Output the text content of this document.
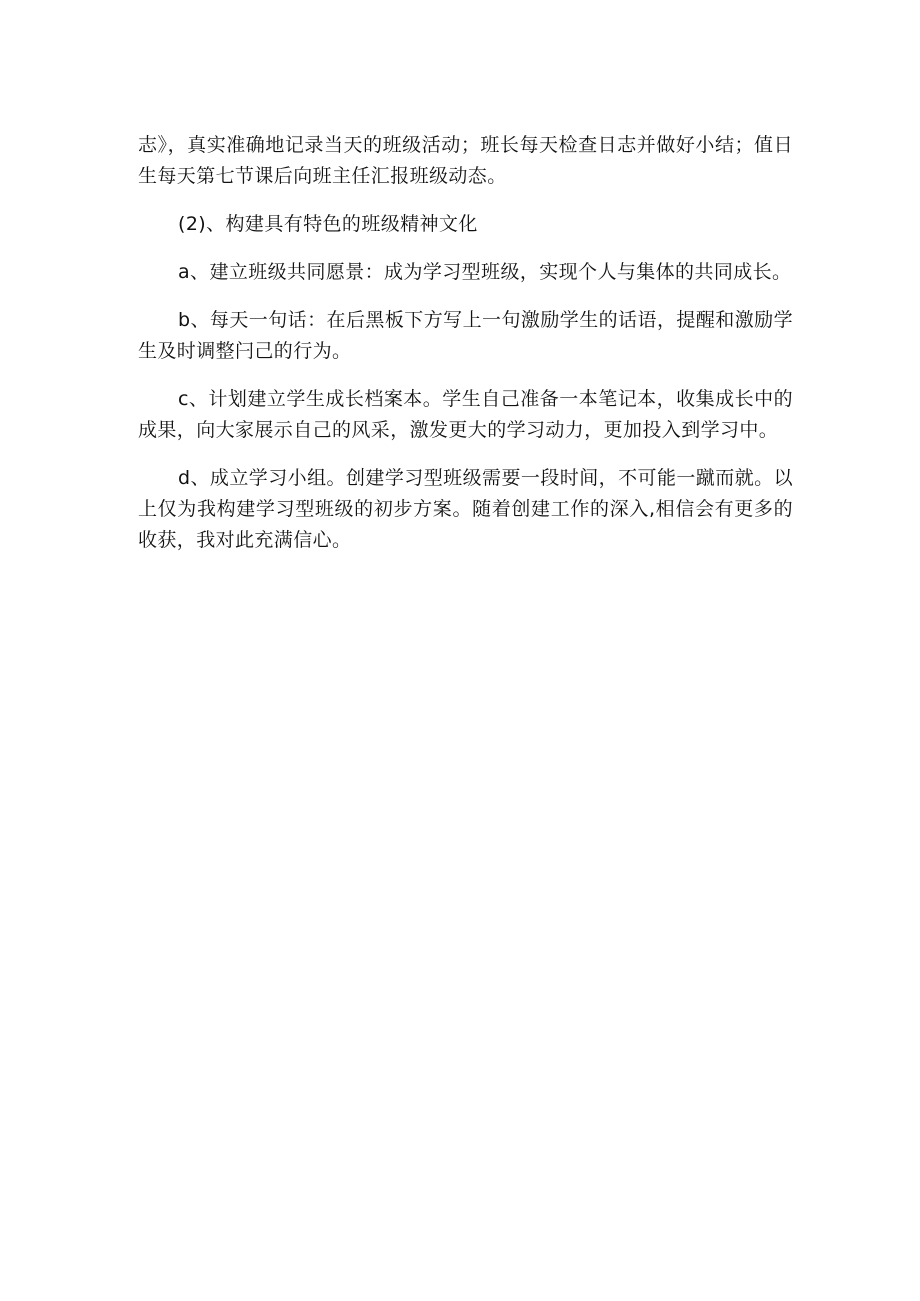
志》，真实准确地记录当天的班级活动；班长每天检查日志并做好小结；值日生每天第七节课后向班主任汇报班级动态。

(2)、构建具有特色的班级精神文化

a、建立班级共同愿景：成为学习型班级，实现个人与集体的共同成长。

b、每天一句话：在后黑板下方写上一句激励学生的话语，提醒和激励学生及时调整闩己的行为。

c、计划建立学生成长档案本。学生自己准备一本笔记本，收集成长中的成果，向大家展示自己的风采，激发更大的学习动力，更加投入到学习中。

d、成立学习小组。创建学习型班级需要一段时间，不可能一蹴而就。以上仅为我构建学习型班级的初步方案。随着创建工作的深入,相信会有更多的收获，我对此充满信心。
